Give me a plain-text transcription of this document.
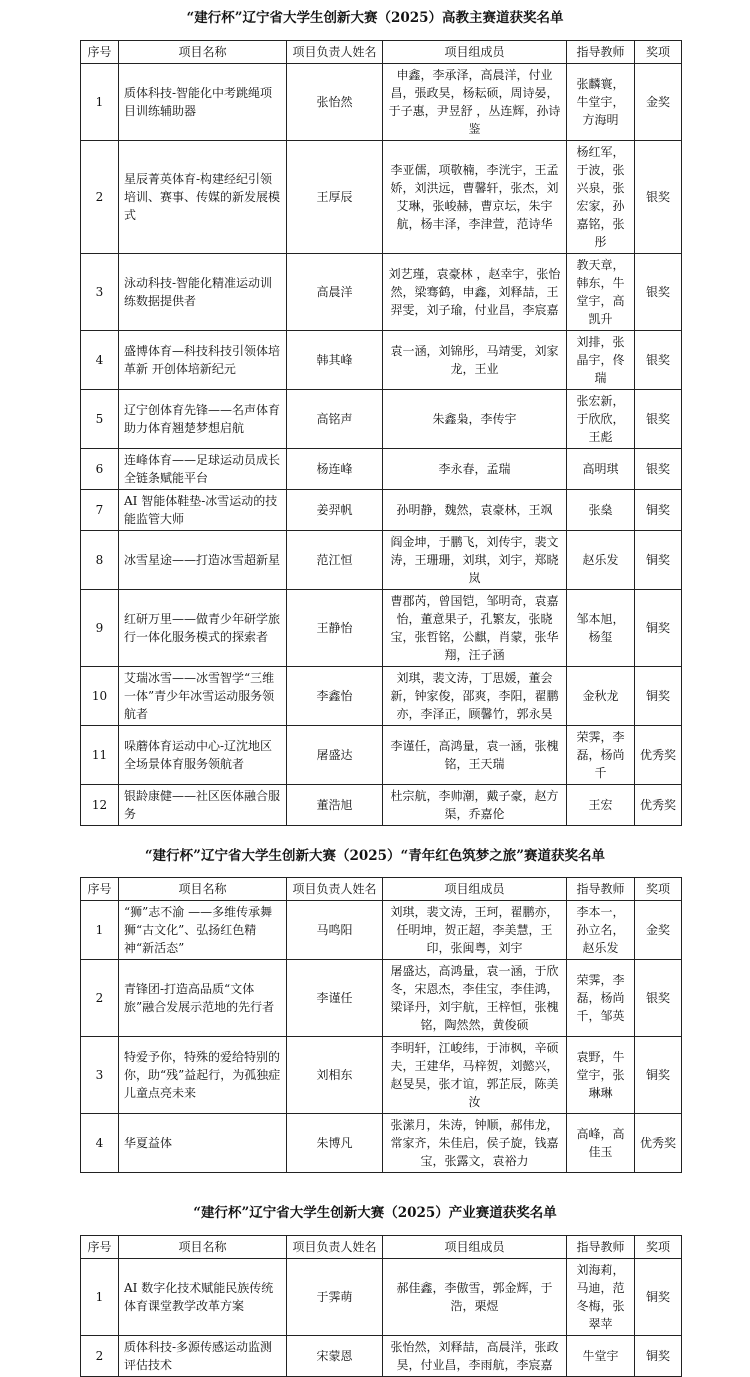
“建行杯”辽宁省大学生创新大赛（2025）高教主赛道获奖名单
序号	项目名称	项目负责人姓名	项目组成员	指导教师	奖项
1	质体科技-智能化中考跳绳项目训练辅助器	张怡然	申鑫，李承泽，高晨洋，付业昌，張政昊，杨耘硕，周诗晏，于子惠，尹昱舒 ，丛连辉，孙诗鉴	张麟寰，牛堂宇，方海明	金奖
2	星辰菁英体育-构建经纪引领培训、赛事、传媒的新发展模式	王厚辰	李亚儒，项敬楠，李洸宇，王孟娇，刘洪远，曹馨轩，张杰，刘艾琳，张峻赫，曹京坛，朱宇航，杨丰泽，李津萱，范诗华	杨红军，于波，张兴泉，张宏家，孙嘉铭，张彤	银奖
3	泳动科技-智能化精准运动训练数据提供者	高晨洋	刘艺瑾，袁豪林 ，赵幸宇，张怡然，梁骞鹤，申鑫，刘释喆，王羿雯，刘子瑜，付业昌，李宸嘉	教天章，韩东，牛堂宇，高凯升	银奖
4	盛博体育—科技科技引领体培革新 开创体培新纪元	韩其峰	袁一涵，刘锦彤，马靖雯，刘家龙，王业	刘排，张晶宇，佟瑞	银奖
5	辽宁创体育先锋——名声体育助力体育翘楚梦想启航	高铭声	朱鑫枭，李传宇	张宏新，于欣欣，王彪	银奖
6	连峰体育——足球运动员成长全链条赋能平台	杨连峰	李永春，孟瑞	高明琪	银奖
7	AI 智能体鞋垫-冰雪运动的技能监管大师	姜羿帆	孙明静，魏然，袁豪林，王飒	张燊	铜奖
8	冰雪星途——打造冰雪超新星	范江恒	阎金坤，于鹏飞，刘传宇，裴文涛，王珊珊，刘琪，刘宇，郑晓岚	赵乐发	铜奖
9	红研万里——做青少年研学旅行一体化服务模式的探索者	王静怡	曹郡芮，曾国铠，邹明奇，袁嘉怡，董意果子，孔繁友，张晓宝，张哲铭，公麒，肖蒙，张华翔，汪子涵	邹本旭，杨玺	铜奖
10	艾瑞冰雪——冰雪智学“三维一体”青少年冰雪运动服务领航者	李鑫怡	刘琪，裴文涛，丁思媛，董会新，钟家俊，邵爽，李阳，翟鹏亦，李泽正，顾馨竹，郭永昊	金秋龙	铜奖
11	哚蘑体育运动中心-辽沈地区全场景体育服务领航者	屠盛达	李谨任，高鸿量，袁一涵，张槐铭，王天瑞	荣霁，李磊，杨尚千	优秀奖
12	银龄康健——社区医体融合服务	董浩旭	杜宗航，李帅潮，戴子豪，赵方渠，乔嘉伦	王宏	优秀奖
“建行杯”辽宁省大学生创新大赛（2025）“青年红色筑梦之旅”赛道获奖名单
序号	项目名称	项目负责人姓名	项目组成员	指导教师	奖项
1	“狮”志不渝 ——多维传承舞狮“古文化”、弘扬红色精神“新活态”	马鸣阳	刘琪，裴文涛，王珂，翟鹏亦，任明坤，贺正超，李美慧，王印，张闽粤，刘宇	李本一，孙立名，赵乐发	金奖
2	青锋团-打造高品质“文体旅”融合发展示范地的先行者	李谨任	屠盛达，高鸿量，袁一涵，于欣冬，宋恩杰，李佳宝，李佳鸿，梁译丹，刘宇航，王梓恒，张槐铭，陶然然，黄俊硕	荣霁，李磊，杨尚千，邹英	银奖
3	特爱予你，特殊的爱给特别的你，助“残”益起行，为孤独症儿童点亮未来	刘相东	李明轩，江峻纬，于沛枫，辛硕夫，王建华，马梓贺，刘懿兴，赵旻昊，张才谊，郭芷辰，陈美汝	袁野，牛堂宇，张琳琳	铜奖
4	华夏益体	朱博凡	张潆月，朱涛，钟顺，郝伟龙，常家齐，朱佳启，侯子旋，钱嘉宝，张露文，袁裕力	高峰，高佳玉	优秀奖
“建行杯”辽宁省大学生创新大赛（2025）产业赛道获奖名单
序号	项目名称	项目负责人姓名	项目组成员	指导教师	奖项
1	AI 数字化技术赋能民族传统体育课堂教学改革方案	于霁萌	郝佳鑫，李傲雪，郭金辉，于浩，栗煜	刘海莉，马迪，范冬梅，张翠苹	铜奖
2	质体科技-多源传感运动监测评估技术	宋蒙恩	张怡然，刘释喆，高晨洋，张政昊，付业昌，李雨航，李宸嘉	牛堂宇	铜奖
